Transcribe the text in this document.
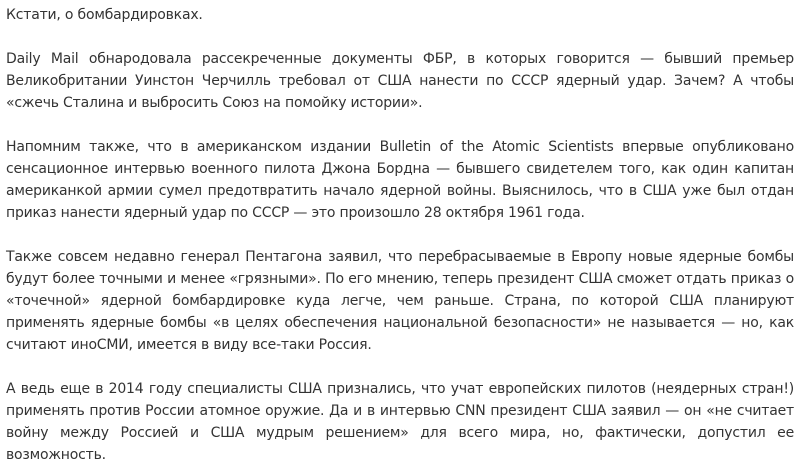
Кстати, о бомбардировках.

Daily Mail обнародовала рассекреченные документы ФБР, в которых говорится — бывший премьер Великобритании Уинстон Черчилль требовал от США нанести по СССР ядерный удар. Зачем? А чтобы «сжечь Сталина и выбросить Союз на помойку истории».

Напомним также, что в американском издании Bulletin of the Atomic Scientists впервые опубликовано сенсационное интервью военного пилота Джона Бордна — бывшего свидетелем того, как один капитан американкой армии сумел предотвратить начало ядерной войны. Выяснилось, что в США уже был отдан приказ нанести ядерный удар по СССР — это произошло 28 октября 1961 года.

Также совсем недавно генерал Пентагона заявил, что перебрасываемые в Европу новые ядерные бомбы будут более точными и менее «грязными». По его мнению, теперь президент США сможет отдать приказ о «точечной» ядерной бомбардировке куда легче, чем раньше. Страна, по которой США планируют применять ядерные бомбы «в целях обеспечения национальной безопасности» не называется — но, как считают иноСМИ, имеется в виду все-таки Россия.

А ведь еще в 2014 году специалисты США признались, что учат европейских пилотов (неядерных стран!) применять против России атомное оружие. Да и в интервью CNN президент США заявил — он «не считает войну между Россией и США мудрым решением» для всего мира, но, фактически, допустил ее возможность.
